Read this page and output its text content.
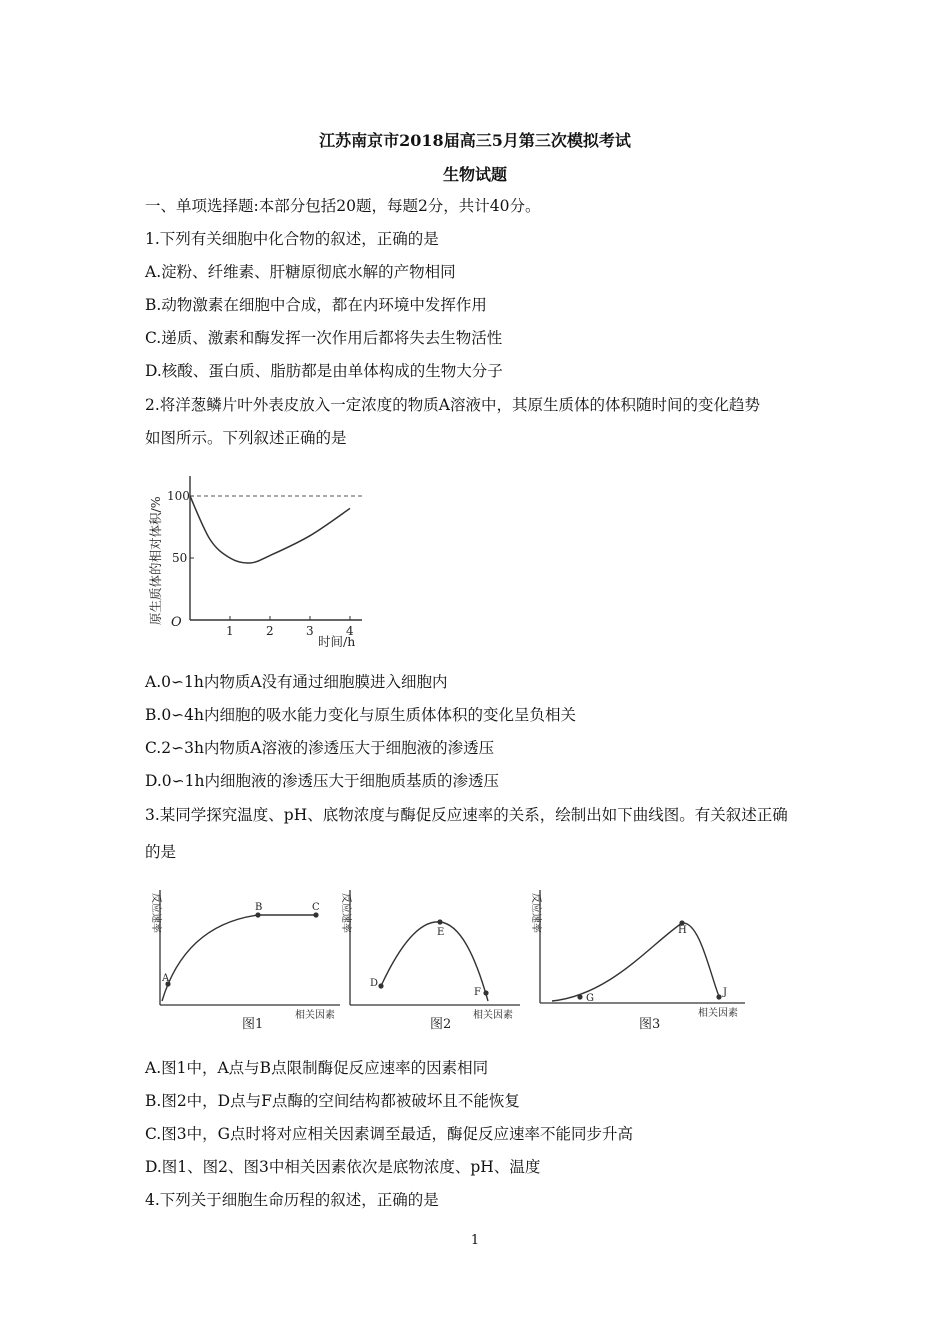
江苏南京市2018届高三5月第三次模拟考试
生物试题
一、单项选择题:本部分包括20题，每题2分，共计40分。
1.下列有关细胞中化合物的叙述，正确的是
A.淀粉、纤维素、肝糖原彻底水解的产物相同
B.动物激素在细胞中合成，都在内环境中发挥作用
C.递质、激素和酶发挥一次作用后都将失去生物活性
D.核酸、蛋白质、脂肪都是由单体构成的生物大分子
2.将洋葱鳞片叶外表皮放入一定浓度的物质A溶液中，其原生质体的体积随时间的变化趋势
如图所示。下列叙述正确的是
1	2	3	4
50
100
原生质体的相对体积/%
时间/h
O
A.0∽1h内物质A没有通过细胞膜进入细胞内
B.0∽4h内细胞的吸水能力变化与原生质体体积的变化呈负相关
C.2∽3h内物质A溶液的渗透压大于细胞液的渗透压
D.0∽1h内细胞液的渗透压大于细胞质基质的渗透压
3.某同学探究温度、pH、底物浓度与酶促反应速率的关系，绘制出如下曲线图。有关叙述正确
的是
反应速率
A
B	C
相关因素
图1
反应速率
D
E
F
相关因素
图2
反应速率
G
H
J
相关因素
图3
A.图1中，A点与B点限制酶促反应速率的因素相同
B.图2中，D点与F点酶的空间结构都被破坏且不能恢复
C.图3中，G点时将对应相关因素调至最适，酶促反应速率不能同步升高
D.图1、图2、图3中相关因素依次是底物浓度、pH、温度
4.下列关于细胞生命历程的叙述，正确的是
1
